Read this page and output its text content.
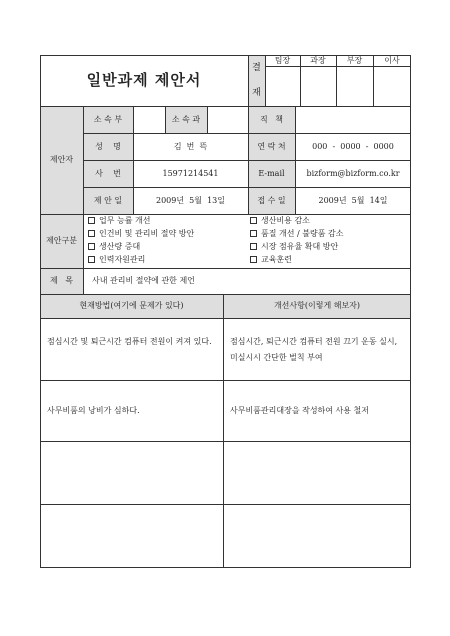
일반과제 제안서
결
재
팀장	과장	부장	이사
제안자
소 속 부	소 속 과	직   책
성    명	김  번  뜩	연 락 처	000  -  0000  -  0000
사    번	15971214541	E-mail	bizform@bizform.co.kr
제 안 일	2009년  5월  13일	접 수 일	2009년  5월  14일
제안구분
업무 능률 개선	생산비용 감소
인건비 및 관리비 절약 방안	품질 개선 / 불량품 감소
생산량 증대	시장 점유율 확대 방안
인력자원관리	교육훈련
제   목	사내 관리비 절약에 관한 제언
현재방법(여기에 문제가 있다)	개선사항(이렇게 해보자)
점심시간 및 퇴근시간 컴퓨터 전원이 켜져 있다.	점심시간, 퇴근시간 컴퓨터 전원 끄기 운동 실시, 미실시시 간단한 벌칙 부여
사무비품의 낭비가 심하다.	사무비품관리대장을 작성하여 사용 철저
